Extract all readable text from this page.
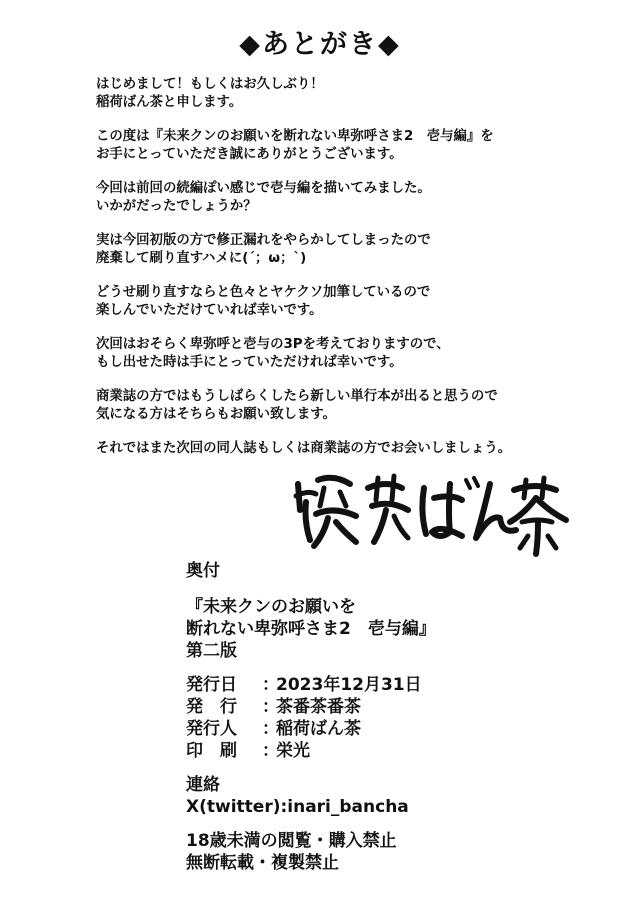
◆あとがき◆

はじめまして！もしくはお久しぶり！
稲荷ばん茶と申します。

この度は『未来クンのお願いを断れない卑弥呼さま2　壱与編』を
お手にとっていただき誠にありがとうございます。

今回は前回の続編ぽい感じで壱与編を描いてみました。
いかがだったでしょうか？

実は今回初版の方で修正漏れをやらかしてしまったので
廃棄して刷り直すハメに(´；ω；`)

どうせ刷り直すならと色々とヤケクソ加筆しているので
楽しんでいただけていれば幸いです。

次回はおそらく卑弥呼と壱与の3Pを考えておりますので、
もし出せた時は手にとっていただければ幸いです。

商業誌の方ではもうしばらくしたら新しい単行本が出ると思うので
気になる方はそちらもお願い致します。

それではまた次回の同人誌もしくは商業誌の方でお会いしましょう。

奥付
『未来クンのお願いを
断れない卑弥呼さま2　壱与編』
第二版
発行日	：
2023年12月31日
発　行	：
茶番茶番茶
発行人	：
稲荷ばん茶
印　刷	：
栄光
連絡
X(twitter):inari_bancha
18歳未満の閲覧・購入禁止
無断転載・複製禁止
